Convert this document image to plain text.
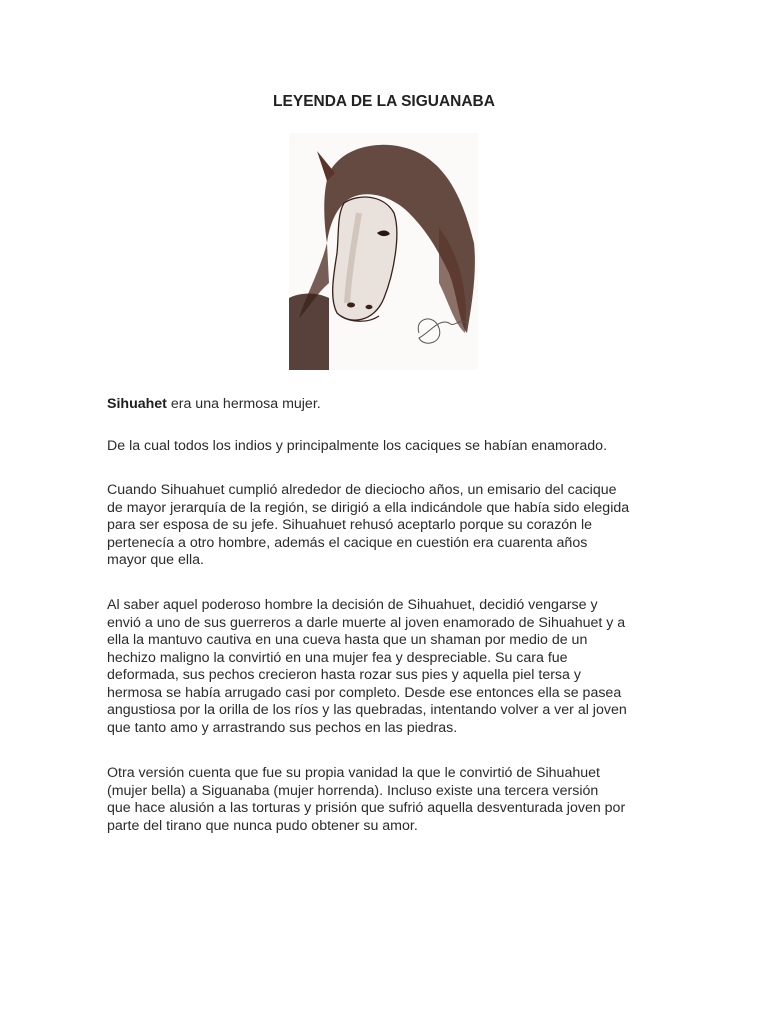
LEYENDA DE LA SIGUANABA

Sihuahet era una hermosa mujer.

De la cual todos los indios y principalmente los caciques se habían enamorado.

Cuando Sihuahuet cumplió alrededor de dieciocho años, un emisario del cacique
de mayor jerarquía de la región, se dirigió a ella indicándole que había sido elegida
para ser esposa de su jefe. Sihuahuet rehusó aceptarlo porque su corazón le
pertenecía a otro hombre, además el cacique en cuestión era cuarenta años
mayor que ella.

Al saber aquel poderoso hombre la decisión de Sihuahuet, decidió vengarse y
envió a uno de sus guerreros a darle muerte al joven enamorado de Sihuahuet y a
ella la mantuvo cautiva en una cueva hasta que un shaman por medio de un
hechizo maligno la convirtió en una mujer fea y despreciable. Su cara fue
deformada, sus pechos crecieron hasta rozar sus pies y aquella piel tersa y
hermosa se había arrugado casi por completo. Desde ese entonces ella se pasea
angustiosa por la orilla de los ríos y las quebradas, intentando volver a ver al joven
que tanto amo y arrastrando sus pechos en las piedras.

Otra versión cuenta que fue su propia vanidad la que le convirtió de Sihuahuet
(mujer bella) a Siguanaba (mujer horrenda). Incluso existe una tercera versión
que hace alusión a las torturas y prisión que sufrió aquella desventurada joven por
parte del tirano que nunca pudo obtener su amor.
